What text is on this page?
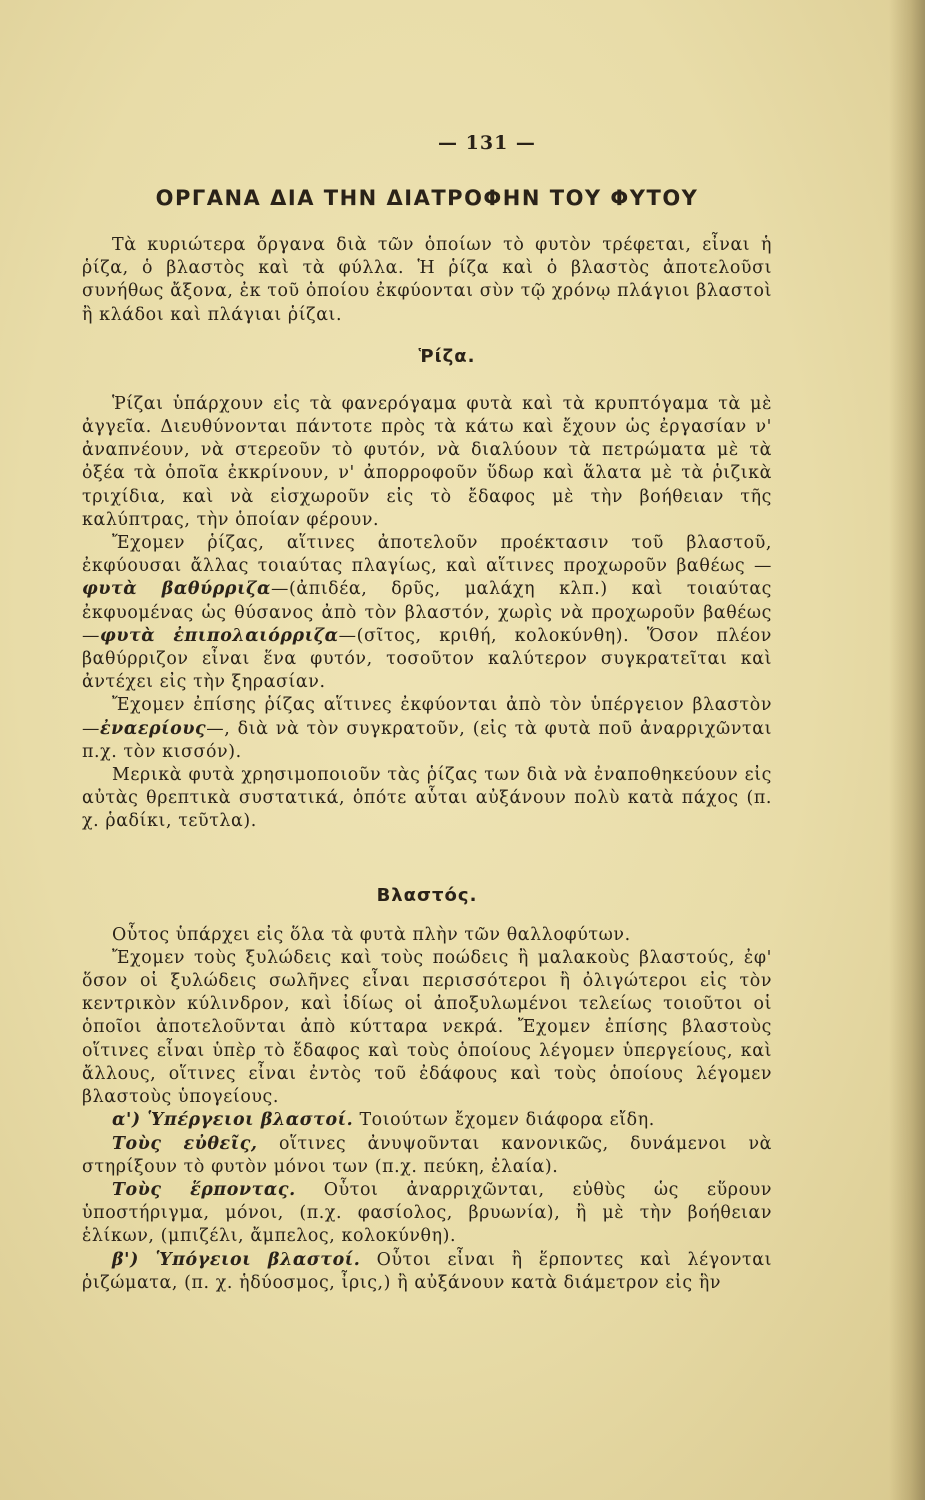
— 131 —
ΟΡΓΑΝΑ ΔΙΑ ΤΗΝ ΔΙΑΤΡΟΦΗΝ ΤΟΥ ΦΥΤΟΥ

Τὰ κυριώτερα ὄργανα διὰ τῶν ὁποίων τὸ φυτὸν τρέφεται, εἶναι ἡ ῥίζα, ὁ βλαστὸς καὶ τὰ φύλλα. Ἡ ῥίζα καὶ ὁ βλαστὸς ἀποτελοῦσι συνήθως ἄξονα, ἐκ τοῦ ὁποίου ἐκφύονται σὺν τῷ χρόνῳ πλάγιοι βλαστοὶ ἢ κλάδοι καὶ πλάγιαι ῥίζαι.

Ῥίζα.

Ῥίζαι ὑπάρχουν εἰς τὰ φανερόγαμα φυτὰ καὶ τὰ κρυπτόγαμα τὰ μὲ ἀγγεῖα. Διευθύνονται πάντοτε πρὸς τὰ κάτω καὶ ἔχουν ὡς ἐργασίαν ν' ἀναπνέουν, νὰ στερεοῦν τὸ φυτόν, νὰ διαλύουν τὰ πετρώματα μὲ τὰ ὀξέα τὰ ὁποῖα ἐκκρίνουν, ν' ἀπορροφοῦν ὕδωρ καὶ ἅλατα μὲ τὰ ῥιζικὰ τριχίδια, καὶ νὰ εἰσχωροῦν εἰς τὸ ἔδαφος μὲ τὴν βοήθειαν τῆς καλύπτρας, τὴν ὁποίαν φέρουν.

Ἔχομεν ῥίζας, αἵτινες ἀποτελοῦν προέκτασιν τοῦ βλαστοῦ, ἐκφύουσαι ἄλλας τοιαύτας πλαγίως, καὶ αἵτινες προχωροῦν βαθέως —φυτὰ βαθύρριζα—(ἀπιδέα, δρῦς, μαλάχη κλπ.) καὶ τοιαύτας ἐκφυομένας ὡς θύσανος ἀπὸ τὸν βλαστόν, χωρὶς νὰ προχωροῦν βαθέως—φυτὰ ἐπιπολαιόρριζα—(σῖτος, κριθή, κολοκύνθη). Ὅσον πλέον βαθύρριζον εἶναι ἕνα φυτόν, τοσοῦτον καλύτερον συγκρατεῖται καὶ ἀντέχει εἰς τὴν ξηρασίαν.

Ἔχομεν ἐπίσης ῥίζας αἵτινες ἐκφύονται ἀπὸ τὸν ὑπέργειον βλαστὸν—ἐναερίους—, διὰ νὰ τὸν συγκρατοῦν, (εἰς τὰ φυτὰ ποῦ ἀναρριχῶνται π.χ. τὸν κισσόν).

Μερικὰ φυτὰ χρησιμοποιοῦν τὰς ῥίζας των διὰ νὰ ἐναποθηκεύουν εἰς αὐτὰς θρεπτικὰ συστατικά, ὁπότε αὗται αὐξάνουν πολὺ κατὰ πάχος (π. χ. ῥαδίκι, τεῦτλα).

Βλαστός.

Οὗτος ὑπάρχει εἰς ὅλα τὰ φυτὰ πλὴν τῶν θαλλοφύτων.

Ἔχομεν τοὺς ξυλώδεις καὶ τοὺς ποώδεις ἢ μαλακοὺς βλαστούς, ἐφ' ὅσον οἱ ξυλώδεις σωλῆνες εἶναι περισσότεροι ἢ ὀλιγώτεροι εἰς τὸν κεντρικὸν κύλινδρον, καὶ ἰδίως οἱ ἀποξυλωμένοι τελείως τοιοῦτοι οἱ ὁποῖοι ἀποτελοῦνται ἀπὸ κύτταρα νεκρά. Ἔχομεν ἐπίσης βλαστοὺς οἵτινες εἶναι ὑπὲρ τὸ ἔδαφος καὶ τοὺς ὁποίους λέγομεν ὑπεργείους, καὶ ἄλλους, οἵτινες εἶναι ἐντὸς τοῦ ἐδάφους καὶ τοὺς ὁποίους λέγομεν βλαστοὺς ὑπογείους.

α') Ὑπέργειοι βλαστοί. Τοιούτων ἔχομεν διάφορα εἴδη.

Τοὺς εὐθεῖς, οἵτινες ἀνυψοῦνται κανονικῶς, δυνάμενοι νὰ στηρίξουν τὸ φυτὸν μόνοι των (π.χ. πεύκη, ἐλαία).

Τοὺς ἕρποντας. Οὗτοι ἀναρριχῶνται, εὐθὺς ὡς εὕρουν ὑποστήριγμα, μόνοι, (π.χ. φασίολος, βρυωνία), ἢ μὲ τὴν βοήθειαν ἑλίκων, (μπιζέλι, ἄμπελος, κολοκύνθη).

β') Ὑπόγειοι βλαστοί. Οὗτοι εἶναι ἢ ἕρποντες καὶ λέγονται ῥιζώματα, (π. χ. ἡδύοσμος, ἶρις,) ἢ αὐξάνουν κατὰ διάμετρον εἰς ἣν
